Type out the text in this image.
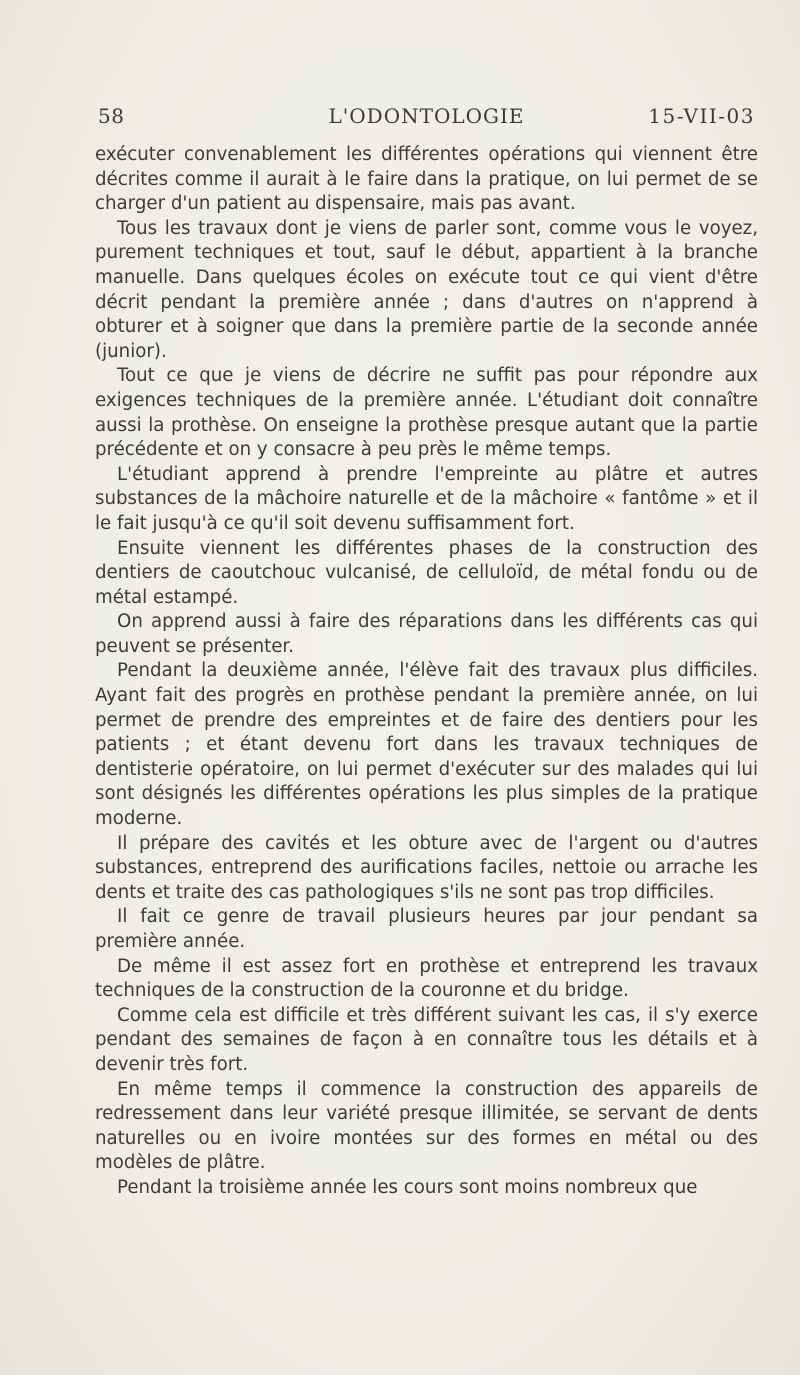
58	L'ODONTOLOGIE	15-VII-03

exécuter convenablement les différentes opérations qui viennent être décrites comme il aurait à le faire dans la pratique, on lui permet de se charger d'un patient au dispensaire, mais pas avant.

Tous les travaux dont je viens de parler sont, comme vous le voyez, purement techniques et tout, sauf le début, appartient à la branche manuelle. Dans quelques écoles on exécute tout ce qui vient d'être décrit pendant la première année ; dans d'autres on n'apprend à obturer et à soigner que dans la première partie de la seconde année (junior).

Tout ce que je viens de décrire ne suffit pas pour répondre aux exigences techniques de la première année. L'étudiant doit connaître aussi la prothèse. On enseigne la prothèse presque autant que la partie précédente et on y consacre à peu près le même temps.

L'étudiant apprend à prendre l'empreinte au plâtre et autres substances de la mâchoire naturelle et de la mâchoire « fantôme » et il le fait jusqu'à ce qu'il soit devenu suffisamment fort.

Ensuite viennent les différentes phases de la construction des dentiers de caoutchouc vulcanisé, de celluloïd, de métal fondu ou de métal estampé.

On apprend aussi à faire des réparations dans les différents cas qui peuvent se présenter.

Pendant la deuxième année, l'élève fait des travaux plus difficiles. Ayant fait des progrès en prothèse pendant la première année, on lui permet de prendre des empreintes et de faire des dentiers pour les patients ; et étant devenu fort dans les travaux techniques de dentisterie opératoire, on lui permet d'exécuter sur des malades qui lui sont désignés les différentes opérations les plus simples de la pratique moderne.

Il prépare des cavités et les obture avec de l'argent ou d'autres substances, entreprend des aurifications faciles, nettoie ou arrache les dents et traite des cas pathologiques s'ils ne sont pas trop difficiles.

Il fait ce genre de travail plusieurs heures par jour pendant sa première année.

De même il est assez fort en prothèse et entreprend les travaux techniques de la construction de la couronne et du bridge.

Comme cela est difficile et très différent suivant les cas, il s'y exerce pendant des semaines de façon à en connaître tous les détails et à devenir très fort.

En même temps il commence la construction des appareils de redressement dans leur variété presque illimitée, se servant de dents naturelles ou en ivoire montées sur des formes en métal ou des modèles de plâtre.

Pendant la troisième année les cours sont moins nombreux que
